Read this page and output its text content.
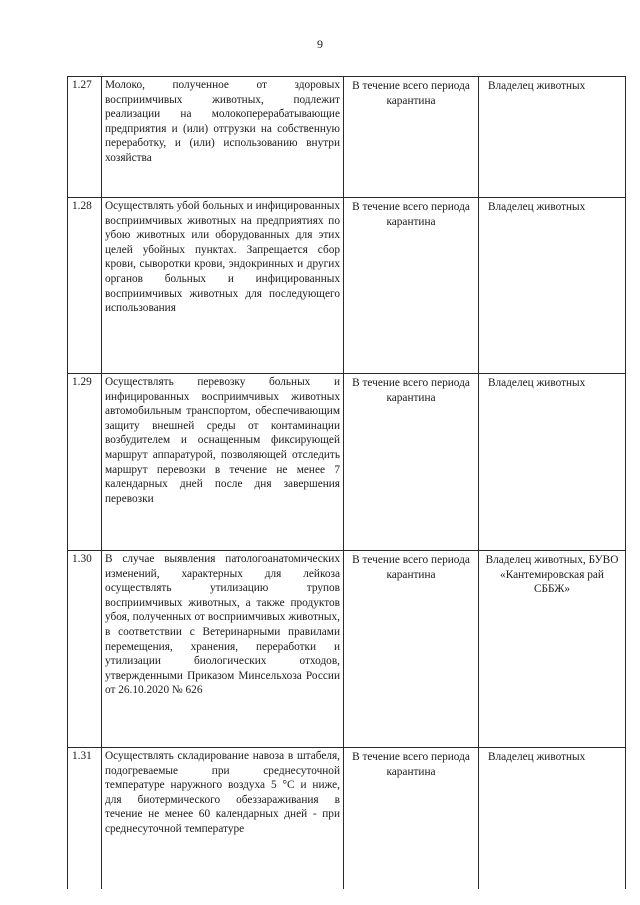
9
1.27	Молоко, полученное от здоровых восприимчивых животных, подлежит реализации на молокоперерабатывающие предприятия и (или) отгрузки на собственную переработку, и (или) использованию внутри хозяйства	В течение всего периода карантина	Владелец животных

1.28	Осуществлять убой больных и инфицированных восприимчивых животных на предприятиях по убою животных или оборудованных для этих целей убойных пунктах. Запрещается сбор крови, сыворотки крови, эндокринных и других органов больных и инфицированных восприимчивых животных для последующего использования	В течение всего периода карантина	Владелец животных

1.29	Осуществлять перевозку больных и инфицированных восприимчивых животных автомобильным транспортом, обеспечивающим защиту внешней среды от контаминации возбудителем и оснащенным фиксирующей маршрут аппаратурой, позволяющей отследить маршрут перевозки в течение не менее 7 календарных дней после дня завершения перевозки	В течение всего периода карантина	Владелец животных

1.30	В случае выявления патологоанатомических изменений, характерных для лейкоза осуществлять утилизацию трупов восприимчивых животных, а также продуктов убоя, полученных от восприимчивых животных, в соответствии с Ветеринарными правилами перемещения, хранения, переработки и утилизации биологических отходов, утвержденными Приказом Минсельхоза России от 26.10.2020 № 626	В течение всего периода карантина	Владелец животных, БУВО «Кантемировская рай СББЖ»

1.31	Осуществлять складирование навоза в штабеля, подогреваемые при среднесуточной температуре наружного воздуха 5 °С и ниже, для биотермического обеззараживания в течение не менее 60 календарных дней - при среднесуточной температуре	В течение всего периода карантина	Владелец животных
